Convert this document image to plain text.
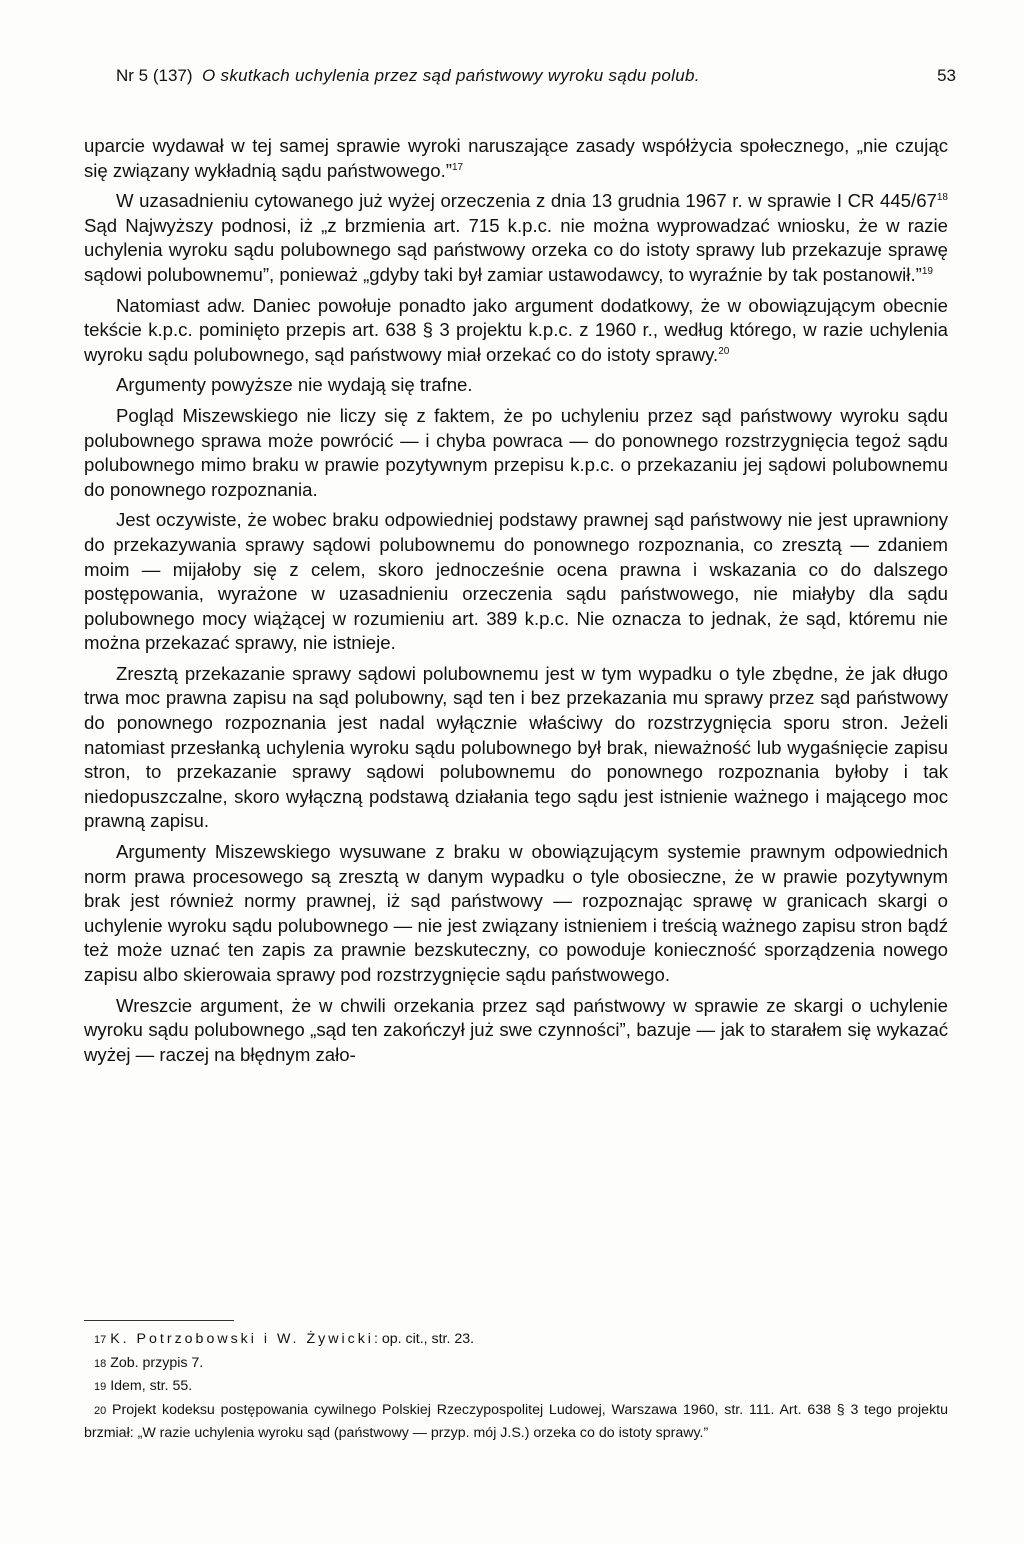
Nr 5 (137) O skutkach uchylenia przez sąd państwowy wyroku sądu polub.	53

uparcie wydawał w tej samej sprawie wyroki naruszające zasady współżycia społecznego, „nie czując się związany wykładnią sądu państwowego.”$^{17}$

W uzasadnieniu cytowanego już wyżej orzeczenia z dnia 13 grudnia 1967 r. w sprawie I CR $445/67^{18}$ Sąd Najwyższy podnosi, iż „z brzmienia art. 715 k.p.c. nie można wyprowadzać wniosku, że w razie uchylenia wyroku sądu polubownego sąd państwowy orzeka co do istoty sprawy lub przekazuje sprawę sądowi polubownemu”, ponieważ „gdyby taki był zamiar ustawodawcy, to wyraźnie by tak postanowił.”$^{19}$

Natomiast adw. Daniec powołuje ponadto jako argument dodatkowy, że w obowiązującym obecnie tekście k.p.c. pominięto przepis art. 638 § 3 projektu k.p.c. z 1960 r., według którego, w razie uchylenia wyroku sądu polubownego, sąd państwowy miał orzekać co do istoty sprawy.$^{20}$

Argumenty powyższe nie wydają się trafne.

Pogląd Miszewskiego nie liczy się z faktem, że po uchyleniu przez sąd państwowy wyroku sądu polubownego sprawa może powrócić — i chyba powraca — do ponownego rozstrzygnięcia tegoż sądu polubownego mimo braku w prawie pozytywnym przepisu k.p.c. o przekazaniu jej sądowi polubownemu do ponownego rozpoznania.

Jest oczywiste, że wobec braku odpowiedniej podstawy prawnej sąd państwowy nie jest uprawniony do przekazywania sprawy sądowi polubownemu do ponownego rozpoznania, co zresztą — zdaniem moim — mijałoby się z celem, skoro jednocześnie ocena prawna i wskazania co do dalszego postępowania, wyrażone w uzasadnieniu orzeczenia sądu państwowego, nie miałyby dla sądu polubownego mocy wiążącej w rozumieniu art. 389 k.p.c. Nie oznacza to jednak, że sąd, któremu nie można przekazać sprawy, nie istnieje.

Zresztą przekazanie sprawy sądowi polubownemu jest w tym wypadku o tyle zbędne, że jak długo trwa moc prawna zapisu na sąd polubowny, sąd ten i bez przekazania mu sprawy przez sąd państwowy do ponownego rozpoznania jest nadal wyłącznie właściwy do rozstrzygnięcia sporu stron. Jeżeli natomiast przesłanką uchylenia wyroku sądu polubownego był brak, nieważność lub wygaśnięcie zapisu stron, to przekazanie sprawy sądowi polubownemu do ponownego rozpoznania byłoby i tak niedopuszczalne, skoro wyłączną podstawą działania tego sądu jest istnienie ważnego i mającego moc prawną zapisu.

Argumenty Miszewskiego wysuwane z braku w obowiązującym systemie prawnym odpowiednich norm prawa procesowego są zresztą w danym wypadku o tyle obosieczne, że w prawie pozytywnym brak jest również normy prawnej, iż sąd państwowy — rozpoznając sprawę w granicach skargi o uchylenie wyroku sądu polubownego — nie jest związany istnieniem i treścią ważnego zapisu stron bądź też może uznać ten zapis za prawnie bezskuteczny, co powoduje konieczność sporządzenia nowego zapisu albo skierowaia sprawy pod rozstrzygnięcie sądu państwowego.

Wreszcie argument, że w chwili orzekania przez sąd państwowy w sprawie ze skargi o uchylenie wyroku sądu polubownego „sąd ten zakończył już swe czynności”, bazuje — jak to starałem się wykazać wyżej — raczej na błędnym zało-

17 K. Potrzobowski i W. Żywicki: op. cit., str. 23.

18 Zob. przypis 7.

19 Idem, str. 55.

20 Projekt kodeksu postępowania cywilnego Polskiej Rzeczypospolitej Ludowej, Warszawa 1960, str. 111. Art. 638 § 3 tego projektu brzmiał: „W razie uchylenia wyroku sąd (państwowy — przyp. mój J.S.) orzeka co do istoty sprawy.”
